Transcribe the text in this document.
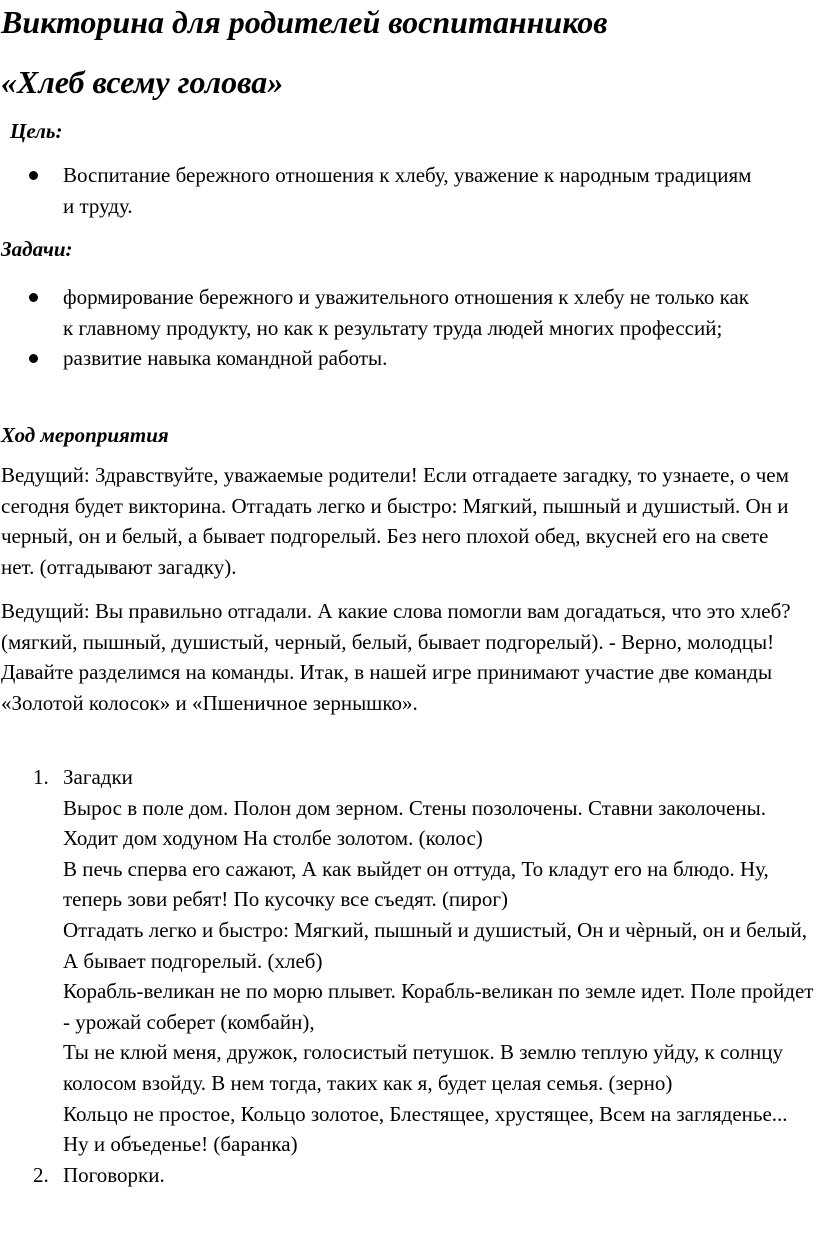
Викторина для родителей воспитанников
«Хлеб всему голова»
Цель:
Воспитание бережного отношения к хлебу, уважение к народным традициям и труду.
Задачи:
формирование бережного и уважительного отношения к хлебу не только как к главному продукту, но как к результату труда людей многих профессий;
развитие навыка командной работы.
Ход мероприятия

Ведущий: Здравствуйте, уважаемые родители! Если отгадаете загадку, то узнаете, о чем сегодня будет викторина. Отгадать легко и быстро: Мягкий, пышный и душистый. Он и черный, он и белый, а бывает подгорелый. Без него плохой обед, вкусней его на свете нет. (отгадывают загадку).

Ведущий: Вы правильно отгадали. А какие слова помогли вам догадаться, что это хлеб? (мягкий, пышный, душистый, черный, белый, бывает подгорелый). - Верно, молодцы! Давайте разделимся на команды. Итак, в нашей игре принимают участие две команды «Золотой колосок» и «Пшеничное зернышко».

1. Загадки
Вырос в поле дом. Полон дом зерном. Стены позолочены. Ставни заколочены. Ходит дом ходуном На столбе золотом. (колос)
В печь сперва его сажают, А как выйдет он оттуда, То кладут его на блюдо. Ну, теперь зови ребят! По кусочку все съедят. (пирог)
Отгадать легко и быстро: Мягкий, пышный и душистый, Он и чѐрный, он и белый, А бывает подгорелый. (хлеб)
Корабль-великан не по морю плывет. Корабль-великан по земле идет. Поле пройдет - урожай соберет (комбайн),
Ты не клюй меня, дружок, голосистый петушок. В землю теплую уйду, к солнцу колосом взойду. В нем тогда, таких как я, будет целая семья. (зерно)
Кольцо не простое, Кольцо золотое, Блестящее, хрустящее, Всем на загляденье... Ну и объеденье! (баранка)
2. Поговорки.
